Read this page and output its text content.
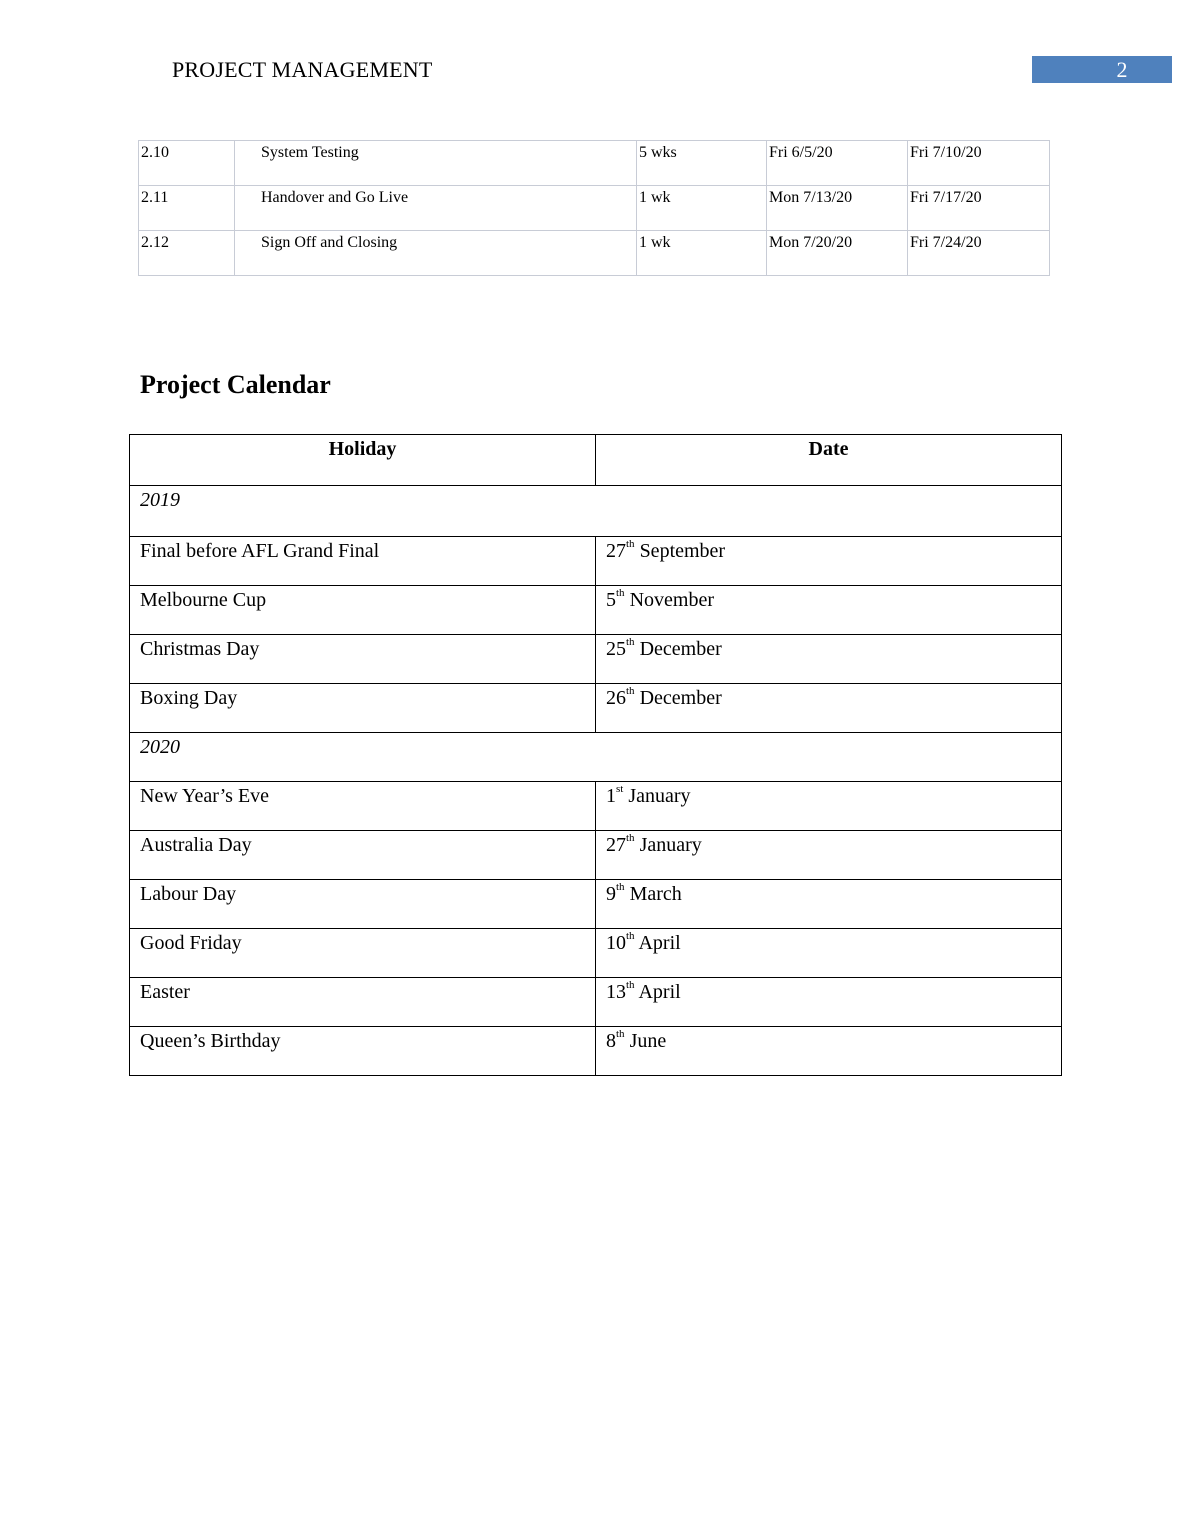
PROJECT MANAGEMENT	2
2.10	System Testing	5 wks	Fri 6/5/20	Fri 7/10/20
2.11	Handover and Go Live	1 wk	Mon 7/13/20	Fri 7/17/20
2.12	Sign Off and Closing	1 wk	Mon 7/20/20	Fri 7/24/20
Project Calendar
Holiday	Date
2019	
Final before AFL Grand Final	27th September
Melbourne Cup	5th November
Christmas Day	25th December
Boxing Day	26th December
2020	
New Year’s Eve	1st January
Australia Day	27th January
Labour Day	9th March
Good Friday	10th April
Easter	13th April
Queen’s Birthday	8th June
